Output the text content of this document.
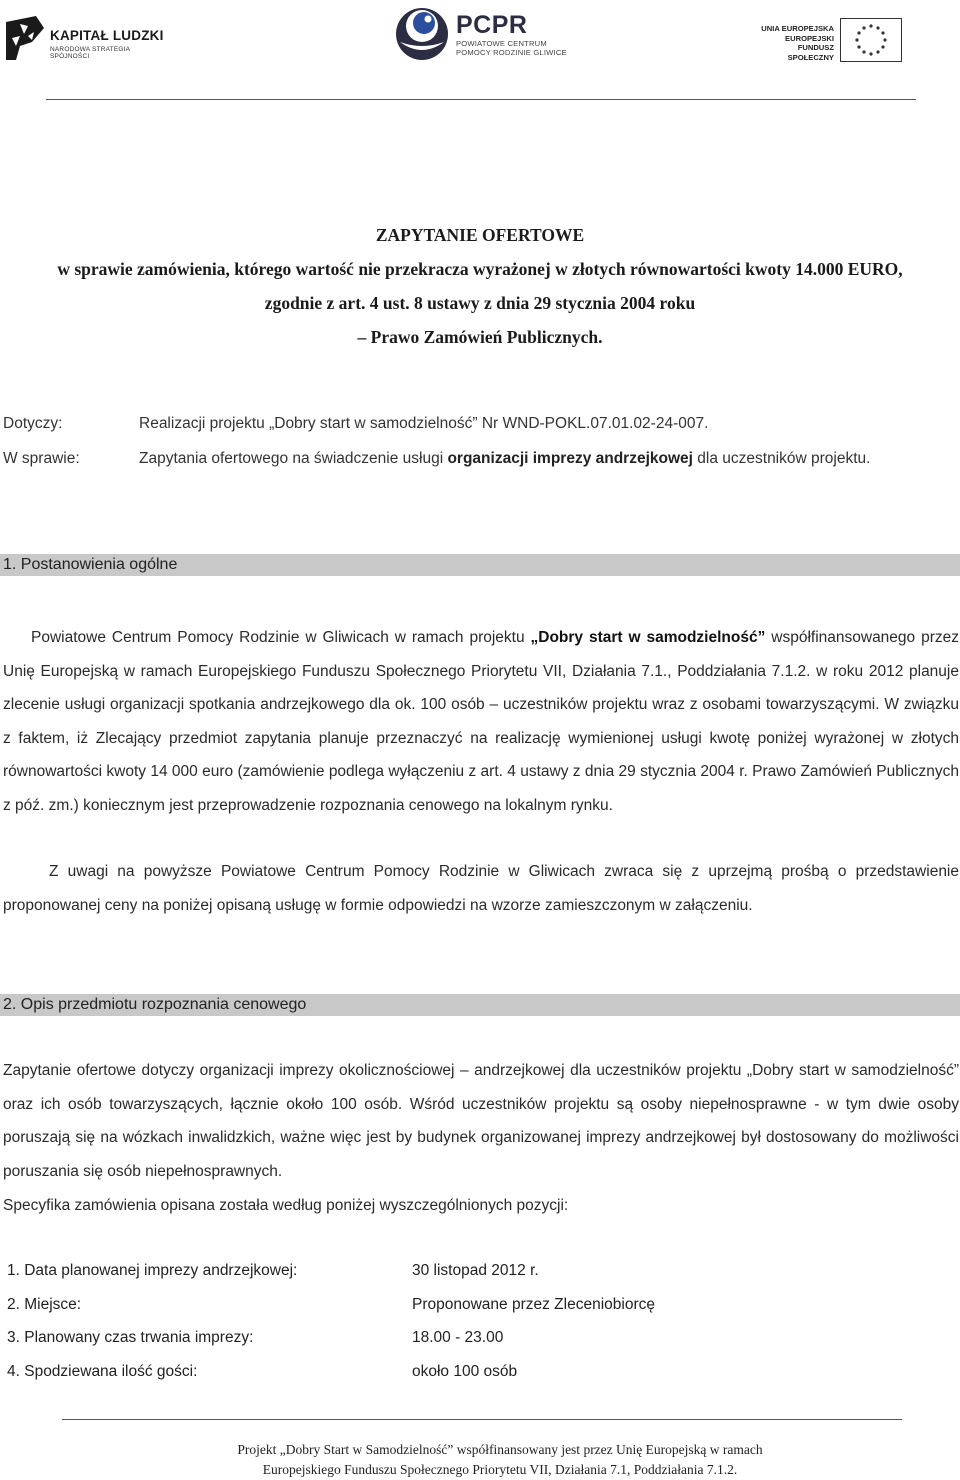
KAPITAŁ LUDZKI
NARODOWA STRATEGIA SPÓJNOŚCI
PCPR
POWIATOWE CENTRUM
POMOCY RODZINIE GLIWICE
UNIA EUROPEJSKA
EUROPEJSKI
FUNDUSZ SPOŁECZNY
ZAPYTANIE OFERTOWE
w sprawie zamówienia, którego wartość nie przekracza wyrażonej w złotych równowartości kwoty 14.000 EURO,
zgodnie z art. 4 ust. 8 ustawy z dnia 29 stycznia 2004 roku
– Prawo Zamówień Publicznych.
Dotyczy:	Realizacji projektu „Dobry start w samodzielność” Nr WND-POKL.07.01.02-24-007.
W sprawie:	Zapytania ofertowego na świadczenie usługi organizacji imprezy andrzejkowej dla uczestników projektu.
1. Postanowienia ogólne
Powiatowe Centrum Pomocy Rodzinie w Gliwicach w ramach projektu „Dobry start w samodzielność” współfinansowanego przez Unię Europejską w ramach Europejskiego Funduszu Społecznego Priorytetu VII, Działania 7.1., Poddziałania 7.1.2. w roku 2012 planuje zlecenie usługi organizacji spotkania andrzejkowego dla ok. 100 osób – uczestników projektu wraz z osobami towarzyszącymi. W związku z faktem, iż Zlecający przedmiot zapytania planuje przeznaczyć na realizację wymienionej usługi kwotę poniżej wyrażonej w złotych równowartości kwoty 14 000 euro (zamówienie podlega wyłączeniu z art. 4 ustawy z dnia 29 stycznia 2004 r. Prawo Zamówień Publicznych z póź. zm.) koniecznym jest przeprowadzenie rozpoznania cenowego na lokalnym rynku.
Z uwagi na powyższe Powiatowe Centrum Pomocy Rodzinie w Gliwicach zwraca się z uprzejmą prośbą o przedstawienie proponowanej ceny na poniżej opisaną usługę w formie odpowiedzi na wzorze zamieszczonym w załączeniu.
2. Opis przedmiotu rozpoznania cenowego
Zapytanie ofertowe dotyczy organizacji imprezy okolicznościowej – andrzejkowej dla uczestników projektu „Dobry start w samodzielność” oraz ich osób towarzyszących, łącznie około 100 osób. Wśród uczestników projektu są osoby niepełnosprawne - w tym dwie osoby poruszają się na wózkach inwalidzkich, ważne więc jest by budynek organizowanej imprezy andrzejkowej był dostosowany do możliwości poruszania się osób niepełnosprawnych.
Specyfika zamówienia opisana została według poniżej wyszczególnionych pozycji:
1. Data planowanej imprezy andrzejkowej:	30 listopad 2012 r.
2. Miejsce:	Proponowane przez Zleceniobiorcę
3. Planowany czas trwania imprezy:	18.00 - 23.00
4. Spodziewana ilość gości:	około 100 osób
Projekt „Dobry Start w Samodzielność” współfinansowany jest przez Unię Europejską w ramach
Europejskiego Funduszu Społecznego Priorytetu VII, Działania 7.1, Poddziałania 7.1.2.
